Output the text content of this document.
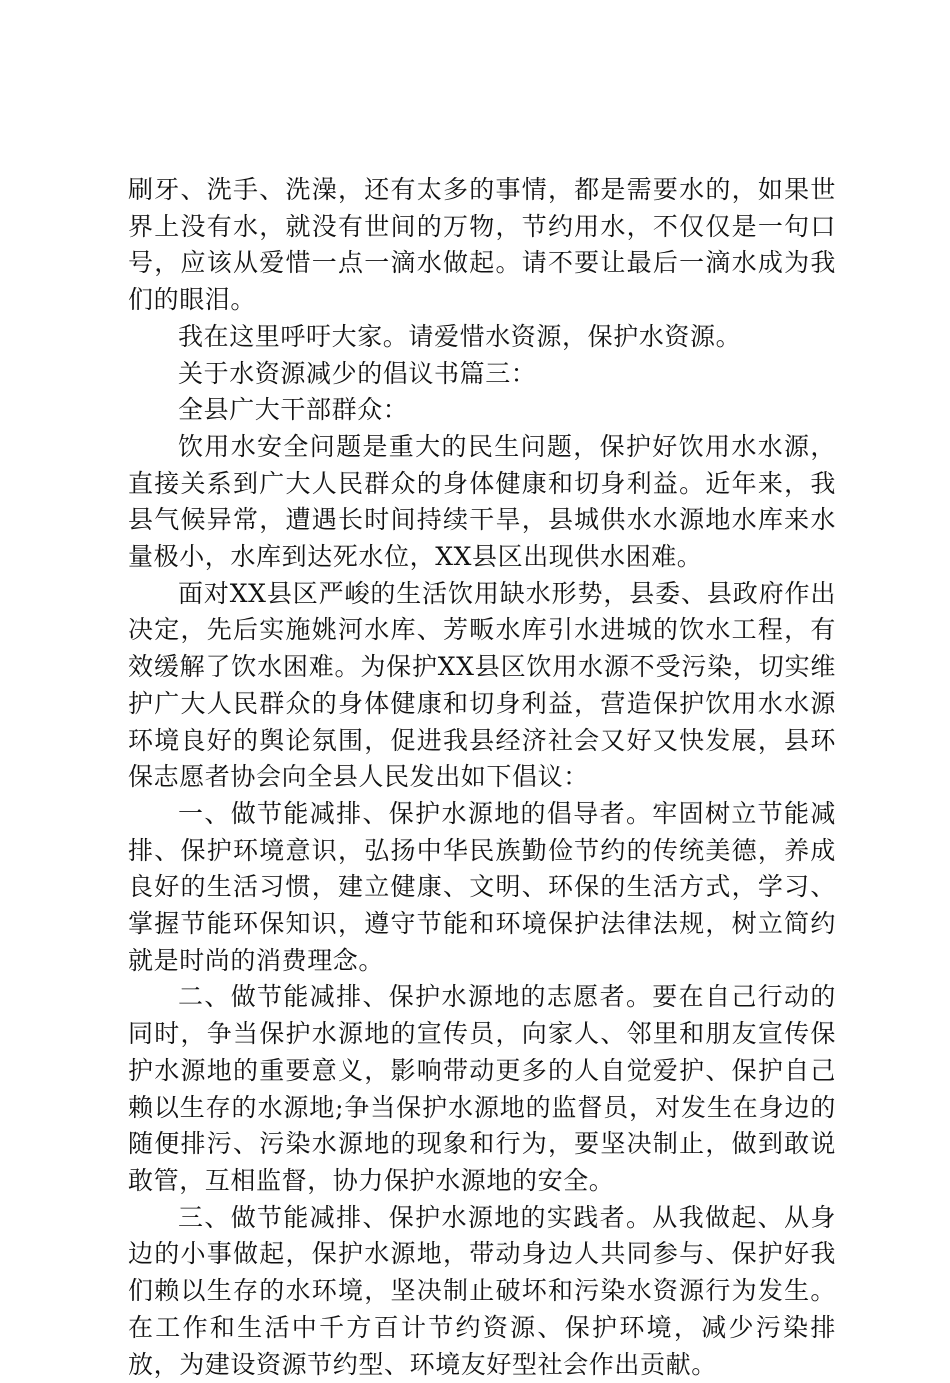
刷牙、洗手、洗澡，还有太多的事情，都是需要水的，如果世界上没有水，就没有世间的万物，节约用水，不仅仅是一句口号，应该从爱惜一点一滴水做起。请不要让最后一滴水成为我们的眼泪。

我在这里呼吁大家。请爱惜水资源，保护水资源。

关于水资源减少的倡议书篇三：

全县广大干部群众：

饮用水安全问题是重大的民生问题，保护好饮用水水源，直接关系到广大人民群众的身体健康和切身利益。近年来，我县气候异常，遭遇长时间持续干旱，县城供水水源地水库来水量极小，水库到达死水位，XX县区出现供水困难。

面对XX县区严峻的生活饮用缺水形势，县委、县政府作出决定，先后实施姚河水库、芳畈水库引水进城的饮水工程，有效缓解了饮水困难。为保护XX县区饮用水源不受污染，切实维护广大人民群众的身体健康和切身利益，营造保护饮用水水源环境良好的舆论氛围，促进我县经济社会又好又快发展，县环保志愿者协会向全县人民发出如下倡议：

一、做节能减排、保护水源地的倡导者。牢固树立节能减排、保护环境意识，弘扬中华民族勤俭节约的传统美德，养成良好的生活习惯，建立健康、文明、环保的生活方式，学习、掌握节能环保知识，遵守节能和环境保护法律法规，树立简约就是时尚的消费理念。

二、做节能减排、保护水源地的志愿者。要在自己行动的同时，争当保护水源地的宣传员，向家人、邻里和朋友宣传保护水源地的重要意义，影响带动更多的人自觉爱护、保护自己赖以生存的水源地;争当保护水源地的监督员，对发生在身边的随便排污、污染水源地的现象和行为，要坚决制止，做到敢说敢管，互相监督，协力保护水源地的安全。

三、做节能减排、保护水源地的实践者。从我做起、从身边的小事做起，保护水源地，带动身边人共同参与、保护好我们赖以生存的水环境，坚决制止破坏和污染水资源行为发生。在工作和生活中千方百计节约资源、保护环境，减少污染排放，为建设资源节约型、环境友好型社会作出贡献。
